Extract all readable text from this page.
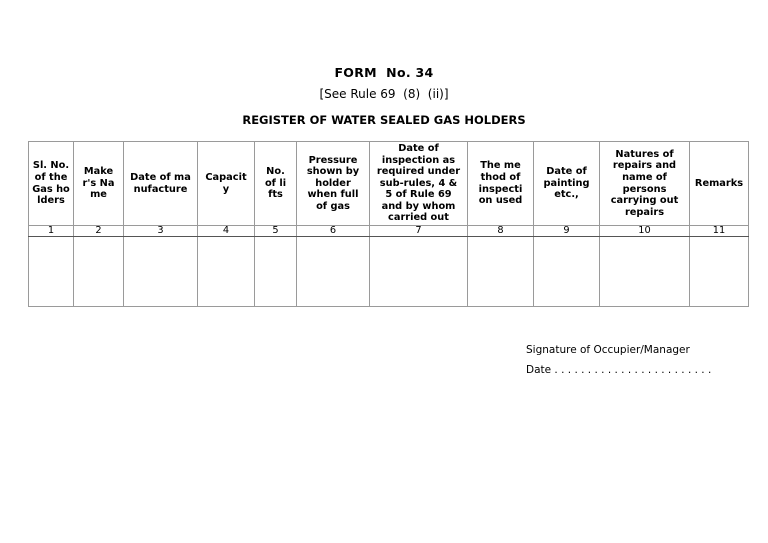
FORM  No. 34
[See Rule 69  (8)  (ii)]
REGISTER OF WATER SEALED GAS HOLDERS
Sl. No. of the Gas holders	Maker's Name	Date of manufacture	Capacity	No. of lifts	Pressure shown by holder when full of gas	Date of inspection as required under sub-rules, 4 & 5 of Rule 69 and by whom carried out	The method of inspection used	Date of painting etc.,	Natures of repairs and name of persons carrying out repairs	Remarks
1	2	3	4	5	6	7	8	9	10	11

Signature of Occupier/Manager
Date . . . . . . . . . . . . . . . . . . . . . . . .
